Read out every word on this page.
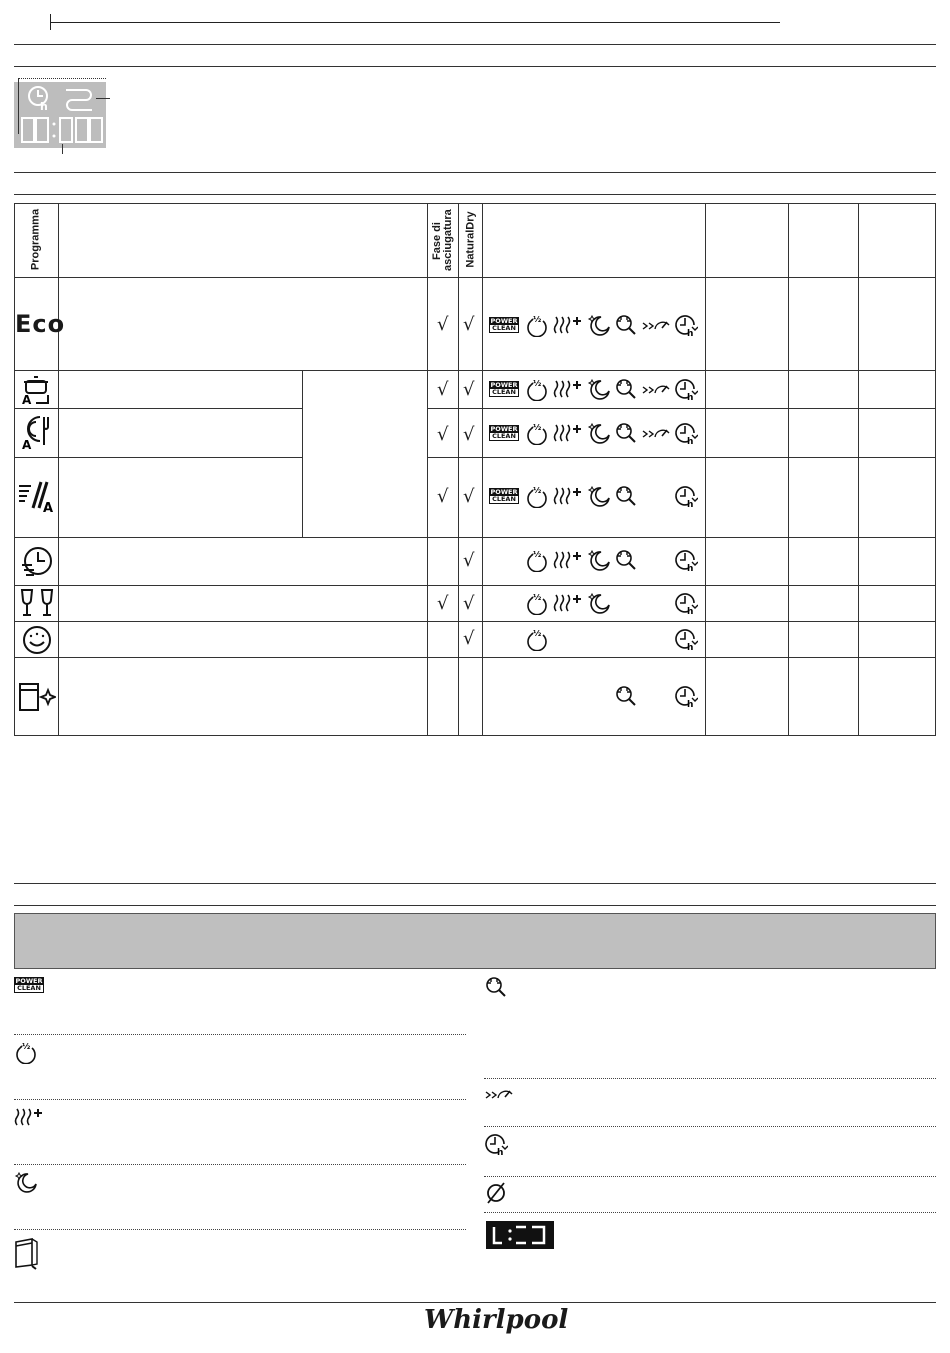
h
Programma	Fase di asciugatura NaturalDry
Eco
A
A
A
√ √
√ √
√ √
√ √
√
√ √
√
POWER
CLEAN
POWER
CLEAN
POWER
CLEAN
POWER
CLEAN
POWER
CLEAN
Whirlpool
